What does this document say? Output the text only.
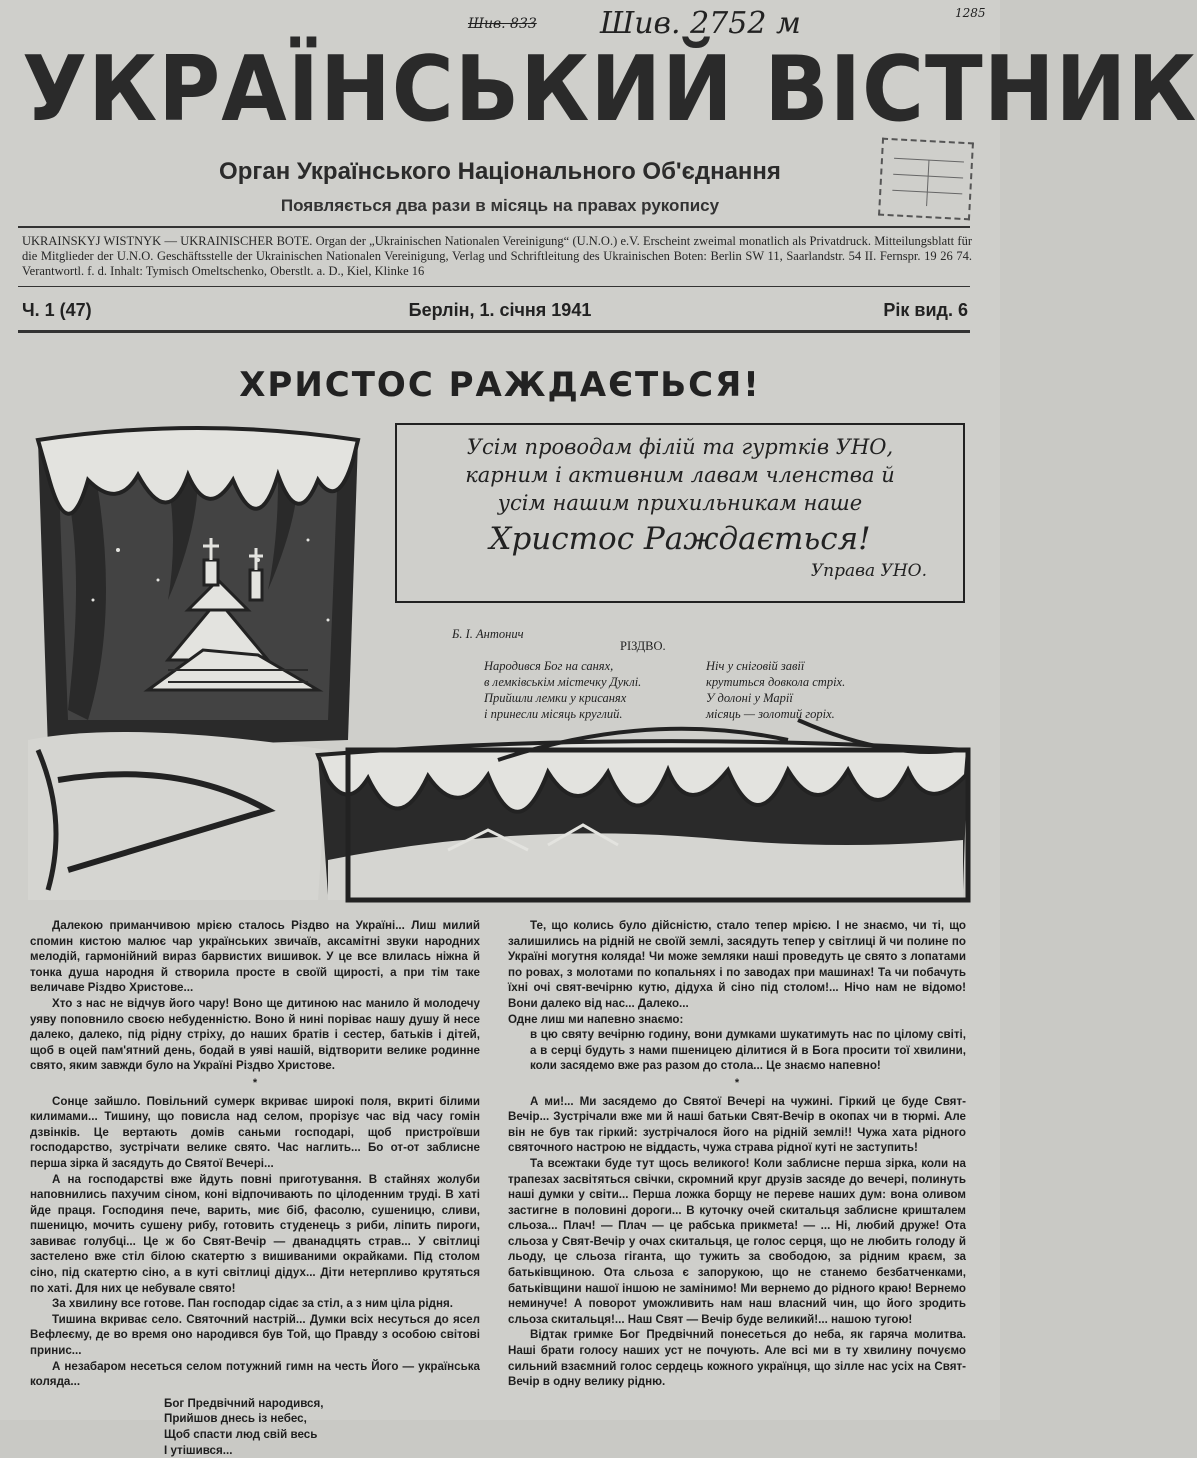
Шив. 833 Шив. 2752 м	1285
УКРАЇНСЬКИЙ ВІСТНИК
Орган Українського Національного Об'єднання
Появляється два рази в місяць на правах рукопису
UKRAINSKYJ WISTNYK — UKRAINISCHER BOTE. Organ der „Ukrainischen Nationalen Vereinigung“ (U.N.O.) e.V. Erscheint zweimal monatlich als Privatdruck. Mitteilungsblatt für die Mitglieder der U.N.O. Geschäftsstelle der Ukrainischen Nationalen Vereinigung, Verlag und Schriftleitung des Ukrainischen Boten: Berlin SW 11, Saarlandstr. 54 II. Fernspr. 19 26 74. Verantwortl. f. d. Inhalt: Tymisch Omeltschenko, Oberstlt. a. D., Kiel, Klinke 16
Ч. 1 (47)	Берлін, 1. січня 1941	Рік вид. 6
ХРИСТОС РАЖДАЄТЬСЯ!
Усім проводам філій та гуртків УНО,
карним і активним лавам членства й
усім нашим прихильникам наше
Христос Раждається!
Управа УНО.
Б. І. Антонич
РІЗДВО.
Народився Бог на санях,
в лемківськім містечку Дуклі.
Прийшли лемки у крисанях
і принесли місяць круглий.
Ніч у сніговій завії
крутиться довкола стріх.
У долоні у Марії
місяць — золотий горіх.

Далекою приманчивою мрією сталось Різдво на Україні... Лиш милий спомин кистою малює чар українських звичаїв, аксамітні звуки народних мелодій, гармонійний вираз барвистих вишивок. У це все влилась ніжна й тонка душа народня й створила просте в своїй щирості, а при тім таке величаве Різдво Христове...

Хто з нас не відчув його чару! Воно ще дитиною нас манило й молодечу уяву поповнило своєю небуденністю. Воно й нині поріває нашу душу й несе далеко, далеко, під рідну стріху, до наших братів і сестер, батьків і дітей, щоб в оцей пам'ятний день, бодай в уяві нашій, відтворити велике родинне свято, яким завжди було на Україні Різдво Христове.

*

Сонце зайшло. Повільний сумерк вкриває широкі поля, вкриті білими килимами... Тишину, що повисла над селом, прорізує час від часу гомін дзвінків. Це вертають домів саньми господарі, щоб пристроївши господарство, зустрічати велике свято. Час наглить... Бо от-от заблисне перша зірка й засядуть до Святої Вечері...

А на господарстві вже йдуть повні приготування. В стайнях жолуби наповнились пахучим сіном, коні відпочивають по цілоденним труді. В хаті йде праця. Господиня пече, варить, миє біб, фасолю, сушеницю, сливи, пшеницю, мочить сушену рибу, готовить студенець з риби, ліпить пироги, завиває голубці... Це ж бо Свят-Вечір — дванадцять страв... У світлиці застелено вже стіл білою скатертю з вишиваними окрайками. Під столом сіно, під скатертю сіно, а в куті світлиці дідух... Діти нетерпливо крутяться по хаті. Для них це небувале свято!

За хвилину все готове. Пан господар сідає за стіл, а з ним ціла рідня.

Тишина вкриває село. Святочний настрій... Думки всіх несуться до ясел Вефлеєму, де во время оно народився був Той, що Правду з особою світові принис...

А незабаром несеться селом потужний гимн на честь Його — українська коляда...

Бог Предвічний народився,
Прийшов днесь із небес,
Щоб спасти люд свій весь
І утішився...

Те, що колись було дійсністю, стало тепер мрією. І не знаємо, чи ті, що залишились на рідній не своїй землі, засядуть тепер у світлиці й чи полине по Україні могутня коляда! Чи може земляки наші проведуть це свято з лопатами по ровах, з молотами по копальнях і по заводах при машинах! Та чи побачуть їхні очі свят-вечірню кутю, дідуха й сіно під столом!... Нічо нам не відомо! Вони далеко від нас... Далеко...

Одне лиш ми напевно знаємо:

в цю святу вечірню годину, вони думками шукатимуть нас по цілому світі, а в серці будуть з нами пшеницею ділитися й в Бога просити тої хвилини, коли засядемо вже раз разом до стола... Це знаємо напевно!

*

А ми!... Ми засядемо до Святої Вечері на чужині. Гіркий це буде Свят-Вечір... Зустрічали вже ми й наші батьки Свят-Вечір в окопах чи в тюрмі. Але він не був так гіркий: зустрічалося його на рідній землі!! Чужа хата рідного святочного настрою не віддасть, чужа страва рідної куті не заступить!

Та всежтаки буде тут щось великого! Коли заблисне перша зірка, коли на трапезах засвітяться свічки, скромний круг друзів засяде до вечері, полинуть наші думки у світи... Перша ложка борщу не переве наших дум: вона оливом застигне в половині дороги... В куточку очей скитальця заблисне кришталем сльоза... Плач! — Плач — це рабська прикмета! — ... Ні, любий друже! Ота сльоза у Свят-Вечір у очах скитальця, це голос серця, що не любить голоду й льоду, це сльоза гіганта, що тужить за свободою, за рідним краєм, за батьківщиною. Ота сльоза є запорукою, що не станемо безбатченками, батьківщини нашої іншою не замінимо! Ми вернемо до рідного краю! Вернемо неминуче! А поворот уможливить нам наш власний чин, що його зродить сльоза скитальця!... Наш Свят — Вечір буде великий!... нашою тугою!

Відтак гримке Бог Предвічний понесеться до неба, як гаряча молитва. Наші брати голосу наших уст не почують. Але всі ми в ту хвилину почуємо сильний взаємний голос сердець кожного українця, що зілле нас усіх на Свят-Вечір в одну велику рідню.
